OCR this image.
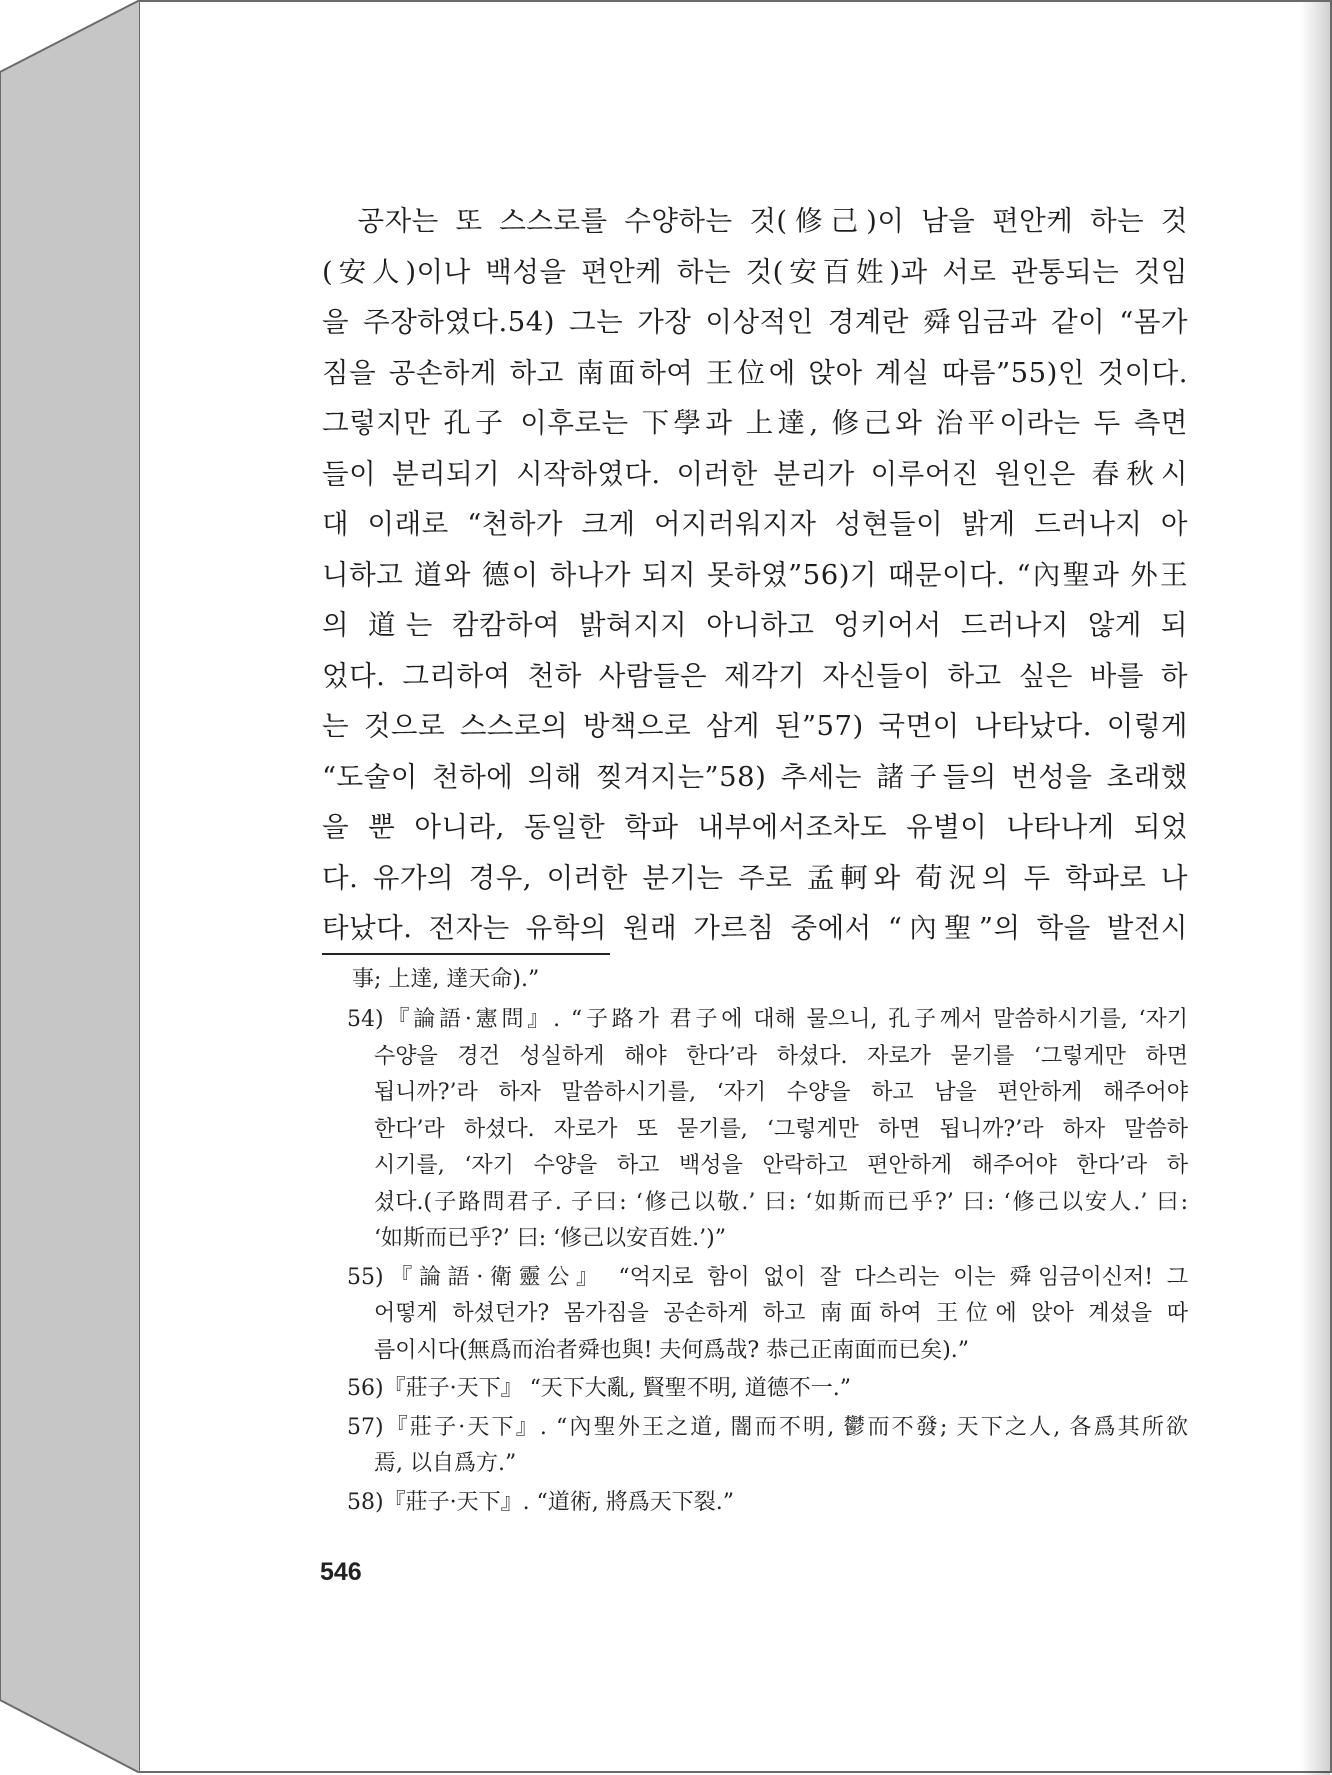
　공자는 또 스스로를 수양하는 것(修己)이 남을 편안케 하는 것
(安人)이나 백성을 편안케 하는 것(安百姓)과 서로 관통되는 것임
을 주장하였다.54) 그는 가장 이상적인 경계란 舜임금과 같이 “몸가
짐을 공손하게 하고 南面하여 王位에 앉아 계실 따름”55)인 것이다.
그렇지만 孔子 이후로는 下學과 上達, 修己와 治平이라는 두 측면
들이 분리되기 시작하였다. 이러한 분리가 이루어진 원인은 春秋시
대 이래로 “천하가 크게 어지러워지자 성현들이 밝게 드러나지 아
니하고 道와 德이 하나가 되지 못하였”56)기 때문이다. “內聖과 外王
의 道는 캄캄하여 밝혀지지 아니하고 엉키어서 드러나지 않게 되
었다. 그리하여 천하 사람들은 제각기 자신들이 하고 싶은 바를 하
는 것으로 스스로의 방책으로 삼게 된”57) 국면이 나타났다. 이렇게
“도술이 천하에 의해 찢겨지는”58) 추세는 諸子들의 번성을 초래했
을 뿐 아니라, 동일한 학파 내부에서조차도 유별이 나타나게 되었
다. 유가의 경우, 이러한 분기는 주로 孟軻와 荀況의 두 학파로 나
타났다. 전자는 유학의 원래 가르침 중에서 “內聖”의 학을 발전시
事; 上達, 達天命).”
54)『論語·憲問』. “子路가 君子에 대해 물으니, 孔子께서 말씀하시기를, ‘자기
수양을 경건 성실하게 해야 한다’라 하셨다. 자로가 묻기를 ‘그렇게만 하면
됩니까?’라 하자 말씀하시기를, ‘자기 수양을 하고 남을 편안하게 해주어야
한다’라 하셨다. 자로가 또 묻기를, ‘그렇게만 하면 됩니까?’라 하자 말씀하
시기를, ‘자기 수양을 하고 백성을 안락하고 편안하게 해주어야 한다’라 하
셨다.(子路問君子. 子曰: ‘修己以敬.’ 曰: ‘如斯而已乎?’ 曰: ‘修己以安人.’ 曰:
‘如斯而已乎?’ 曰: ‘修己以安百姓.’)”
55)『論語·衛靈公』 “억지로 함이 없이 잘 다스리는 이는 舜임금이신저! 그
어떻게 하셨던가? 몸가짐을 공손하게 하고 南面하여 王位에 앉아 계셨을 따
름이시다(無爲而治者舜也與! 夫何爲哉? 恭己正南面而已矣).”
56)『莊子·天下』 “天下大亂, 賢聖不明, 道德不一.”
57)『莊子·天下』. “內聖外王之道, 闇而不明, 鬱而不發; 天下之人, 各爲其所欲
焉, 以自爲方.”
58)『莊子·天下』. “道術, 將爲天下裂.”
546
